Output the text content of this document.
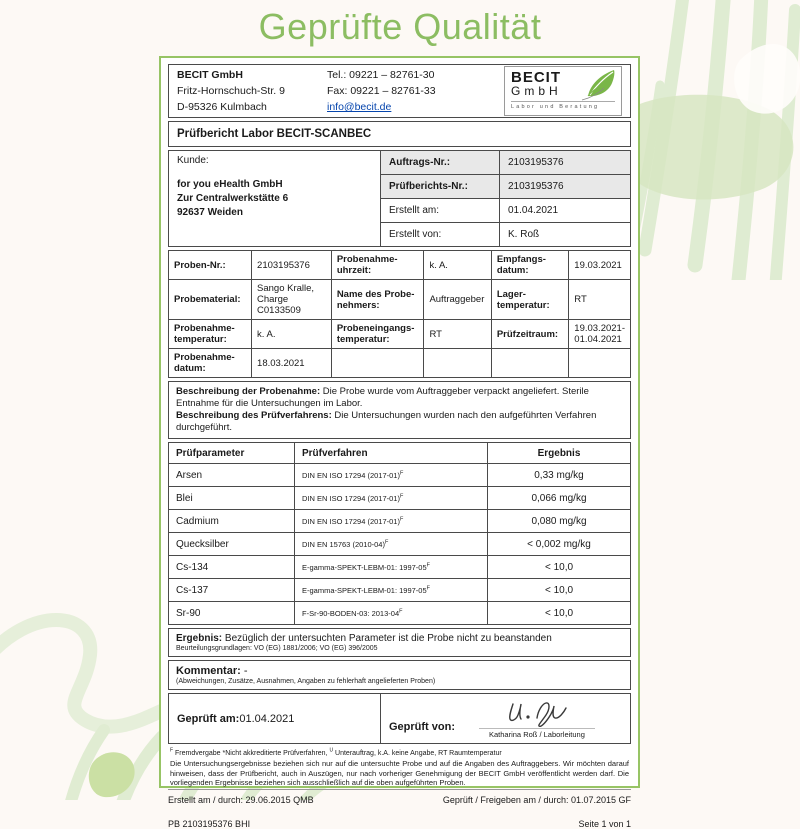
Geprüfte Qualität
BECIT GmbH
Fritz-Hornschuch-Str. 9
D-95326 Kulmbach
Tel.: 09221 – 82761-30
Fax: 09221 – 82761-33
info@becit.de
BECIT
GmbH
Labor und Beratung
Prüfbericht Labor BECIT-SCANBEC
Kunde:
for you eHealth GmbH
Zur Centralwerkstätte 6
92637 Weiden
Auftrags-Nr.:	2103195376
Prüfberichts-Nr.:	2103195376
Erstellt am:	01.04.2021
Erstellt von:	K. Roß
Proben-Nr.:	2103195376	Probenahme-uhrzeit:	k. A.	Empfangs-datum:	19.03.2021
Probematerial:	Sango Kralle, Charge C0133509	Name des Probe-nehmers:	Auftraggeber	Lager-temperatur:	RT
Probenahme-temperatur:	k. A.	Probeneingangs-temperatur:	RT	Prüfzeitraum:	19.03.2021-01.04.2021
Probenahme-datum:	18.03.2021				
Beschreibung der Probenahme: Die Probe wurde vom Auftraggeber verpackt angeliefert. Sterile Entnahme für die Untersuchungen im Labor.
Beschreibung des Prüfverfahrens: Die Untersuchungen wurden nach den aufgeführten Verfahren durchgeführt.
Prüfparameter	Prüfverfahren	Ergebnis
Arsen	DIN EN ISO 17294 (2017-01)$^F$	0,33 mg/kg
Blei	DIN EN ISO 17294 (2017-01)$^F$	0,066 mg/kg
Cadmium	DIN EN ISO 17294 (2017-01)$^F$	0,080 mg/kg
Quecksilber	DIN EN 15763 (2010-04)$^F$	< 0,002 mg/kg
Cs-134	E-gamma-SPEKT-LEBM-01: $1997-05^F$	< 10,0
Cs-137	E-gamma-SPEKT-LEBM-01: $1997-05^F$	< 10,0
Sr-90	F-Sr-90-BODEN-03: $2013-04^F$	< 10,0
Ergebnis: Bezüglich der untersuchten Parameter ist die Probe nicht zu beanstanden
Beurteilungsgrundlagen: VO (EG) 1881/2006; VO (EG) 396/2005
Kommentar: -
(Abweichungen, Zusätze, Ausnahmen, Angaben zu fehlerhaft angelieferten Proben)
Geprüft am: 01.04.2021
Geprüft von:
Katharina Roß / Laborleitung
$^F$ Fremdvergabe *Nicht akkreditierte Prüfverfahren, $^U$ Unterauftrag, k.A. keine Angabe, RT Raumtemperatur
Die Untersuchungsergebnisse beziehen sich nur auf die untersuchte Probe und auf die Angaben des Auftraggebers. Wir möchten darauf hinweisen, dass der Prüfbericht, auch in Auszügen, nur nach vorheriger Genehmigung der BECIT GmbH veröffentlicht werden darf. Die vorliegenden Ergebnisse beziehen sich ausschließlich auf die oben aufgeführten Proben.
Erstellt am / durch: 29.06.2015 QMB	Geprüft / Freigeben am / durch: 01.07.2015 GF
PB 2103195376 BHI	Seite 1 von 1
